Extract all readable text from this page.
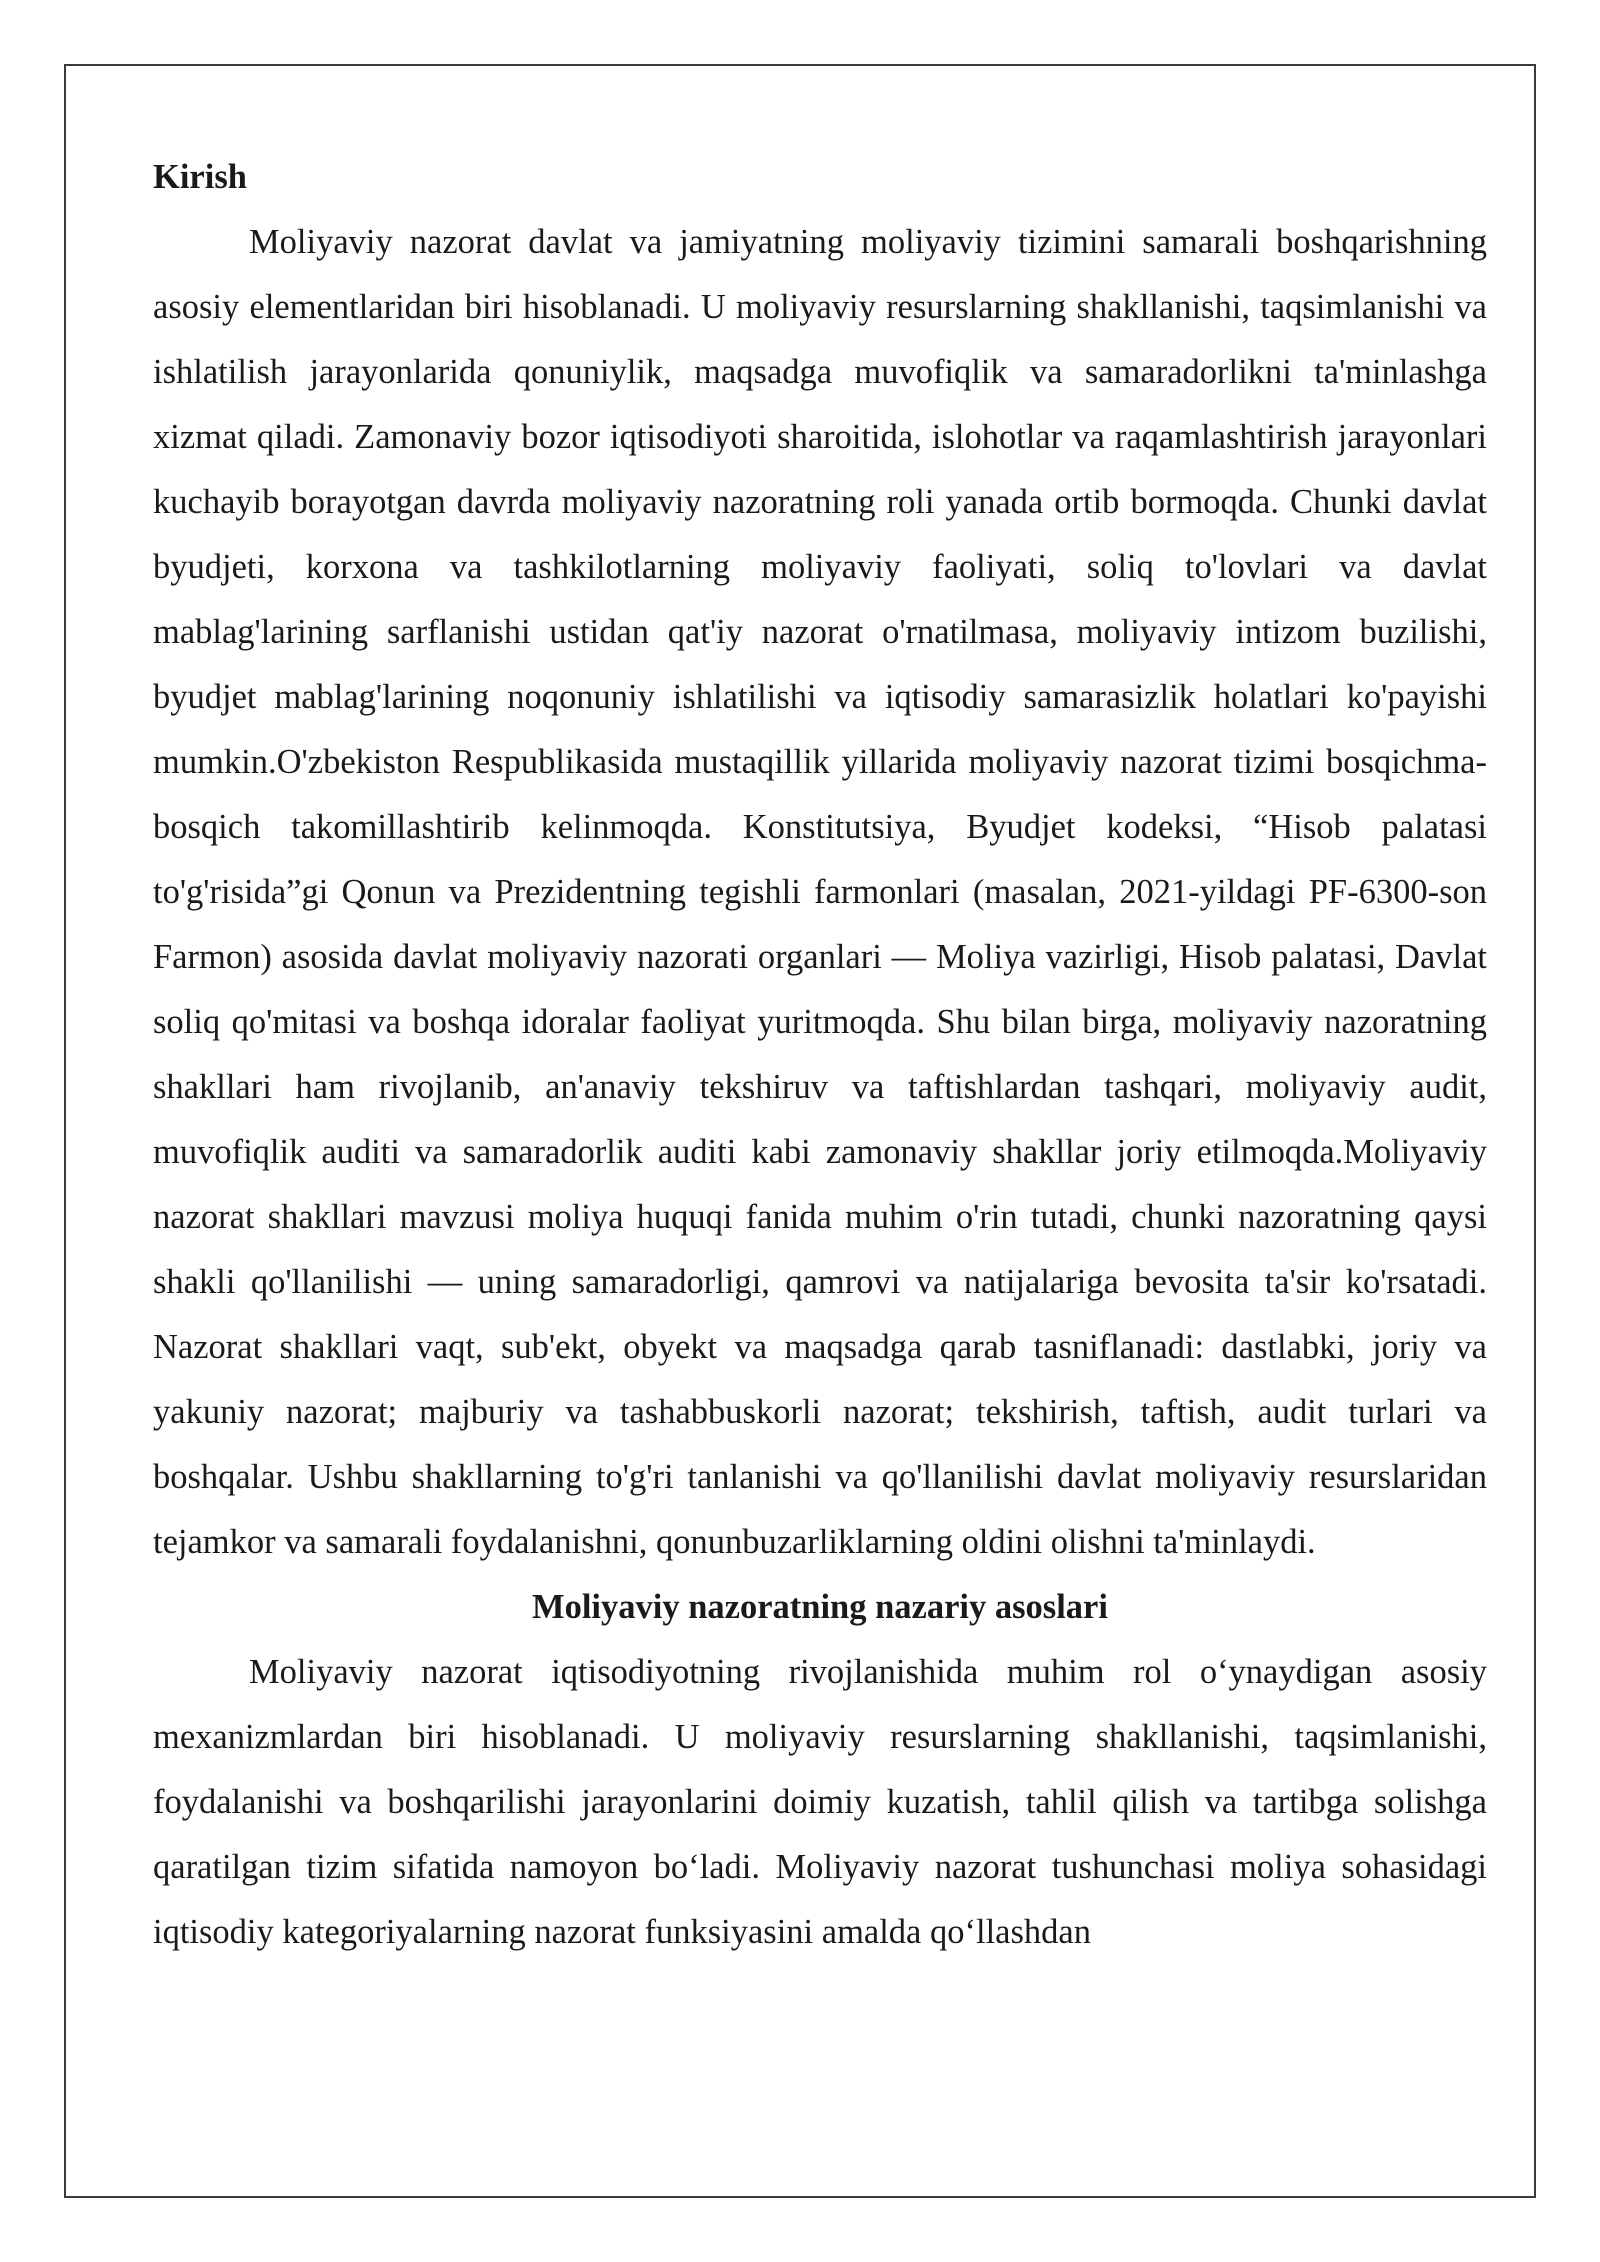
Kirish

Moliyaviy nazorat davlat va jamiyatning moliyaviy tizimini samarali boshqarishning asosiy elementlaridan biri hisoblanadi. U moliyaviy resurslarning shakllanishi, taqsimlanishi va ishlatilish jarayonlarida qonuniylik, maqsadga muvofiqlik va samaradorlikni ta'minlashga xizmat qiladi. Zamonaviy bozor iqtisodiyoti sharoitida, islohotlar va raqamlashtirish jarayonlari kuchayib borayotgan davrda moliyaviy nazoratning roli yanada ortib bormoqda. Chunki davlat byudjeti, korxona va tashkilotlarning moliyaviy faoliyati, soliq to'lovlari va davlat mablag'larining sarflanishi ustidan qat'iy nazorat o'rnatilmasa, moliyaviy intizom buzilishi, byudjet mablag'larining noqonuniy ishlatilishi va iqtisodiy samarasizlik holatlari ko'payishi mumkin.O'zbekiston Respublikasida mustaqillik yillarida moliyaviy nazorat tizimi bosqichma-bosqich takomillashtirib kelinmoqda. Konstitutsiya, Byudjet kodeksi, “Hisob palatasi to'g'risida”gi Qonun va Prezidentning tegishli farmonlari (masalan, 2021-yildagi PF-6300-son Farmon) asosida davlat moliyaviy nazorati organlari — Moliya vazirligi, Hisob palatasi, Davlat soliq qo'mitasi va boshqa idoralar faoliyat yuritmoqda. Shu bilan birga, moliyaviy nazoratning shakllari ham rivojlanib, an'anaviy tekshiruv va taftishlardan tashqari, moliyaviy audit, muvofiqlik auditi va samaradorlik auditi kabi zamonaviy shakllar joriy etilmoqda.Moliyaviy nazorat shakllari mavzusi moliya huquqi fanida muhim o'rin tutadi, chunki nazoratning qaysi shakli qo'llanilishi — uning samaradorligi, qamrovi va natijalariga bevosita ta'sir ko'rsatadi. Nazorat shakllari vaqt, sub'ekt, obyekt va maqsadga qarab tasniflanadi: dastlabki, joriy va yakuniy nazorat; majburiy va tashabbuskorli nazorat; tekshirish, taftish, audit turlari va boshqalar. Ushbu shakllarning to'g'ri tanlanishi va qo'llanilishi davlat moliyaviy resurslaridan tejamkor va samarali foydalanishni, qonunbuzarliklarning oldini olishni ta'minlaydi.

Moliyaviy nazoratning nazariy asoslari

Moliyaviy nazorat iqtisodiyotning rivojlanishida muhim rol oʻynaydigan asosiy mexanizmlardan biri hisoblanadi. U moliyaviy resurslarning shakllanishi, taqsimlanishi, foydalanishi va boshqarilishi jarayonlarini doimiy kuzatish, tahlil qilish va tartibga solishga qaratilgan tizim sifatida namoyon boʻladi. Moliyaviy nazorat tushunchasi moliya sohasidagi iqtisodiy kategoriyalarning nazorat funksiyasini amalda qoʻllashdan
